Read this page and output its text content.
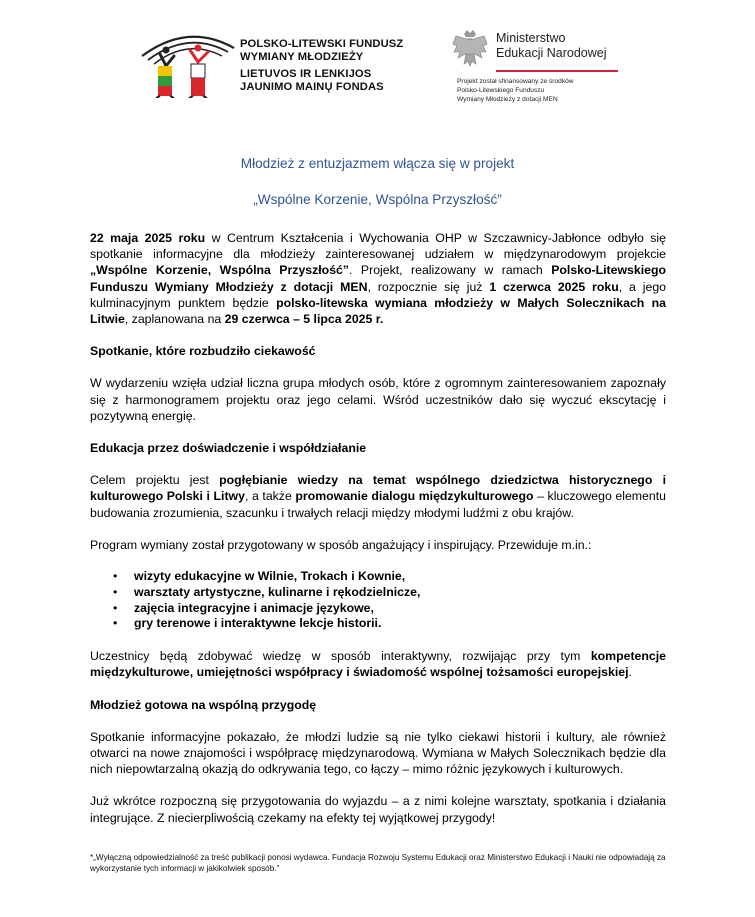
POLSKO-LITEWSKI FUNDUSZ
WYMIANY MŁODZIEŻY
LIETUVOS IR LENKIJOS
JAUNIMO MAINŲ FONDAS
Ministerstwo
Edukacji Narodowej
Projekt został sfinansowany ze środków
Polsko-Litewskiego Funduszu
Wymiany Młodzieży z dotacji MEN
Młodzież z entuzjazmem włącza się w projekt
„Wspólne Korzenie, Wspólna Przyszłość”

22 maja 2025 roku w Centrum Kształcenia i Wychowania OHP w Szczawnicy-Jabłonce odbyło się spotkanie informacyjne dla młodzieży zainteresowanej udziałem w międzynarodowym projekcie „Wspólne Korzenie, Wspólna Przyszłość”. Projekt, realizowany w ramach Polsko-Litewskiego Funduszu Wymiany Młodzieży z dotacji MEN, rozpocznie się już 1 czerwca 2025 roku, a jego kulminacyjnym punktem będzie polsko-litewska wymiana młodzieży w Małych Solecznikach na Litwie, zaplanowana na 29 czerwca – 5 lipca 2025 r.

Spotkanie, które rozbudziło ciekawość

W wydarzeniu wzięła udział liczna grupa młodych osób, które z ogromnym zainteresowaniem zapoznały się z harmonogramem projektu oraz jego celami. Wśród uczestników dało się wyczuć ekscytację i pozytywną energię.

Edukacja przez doświadczenie i współdziałanie

Celem projektu jest pogłębianie wiedzy na temat wspólnego dziedzictwa historycznego i kulturowego Polski i Litwy, a także promowanie dialogu międzykulturowego – kluczowego elementu budowania zrozumienia, szacunku i trwałych relacji między młodymi ludźmi z obu krajów.

Program wymiany został przygotowany w sposób angażujący i inspirujący. Przewiduje m.in.:

• wizyty edukacyjne w Wilnie, Trokach i Kownie,
• warsztaty artystyczne, kulinarne i rękodzielnicze,
• zajęcia integracyjne i animacje językowe,
• gry terenowe i interaktywne lekcje historii.

Uczestnicy będą zdobywać wiedzę w sposób interaktywny, rozwijając przy tym kompetencje międzykulturowe, umiejętności współpracy i świadomość wspólnej tożsamości europejskiej.

Młodzież gotowa na wspólną przygodę

Spotkanie informacyjne pokazało, że młodzi ludzie są nie tylko ciekawi historii i kultury, ale również otwarci na nowe znajomości i współpracę międzynarodową. Wymiana w Małych Solecznikach będzie dla nich niepowtarzalną okazją do odkrywania tego, co łączy – mimo różnic językowych i kulturowych.

Już wkrótce rozpoczną się przygotowania do wyjazdu – a z nimi kolejne warsztaty, spotkania i działania integrujące. Z niecierpliwością czekamy na efekty tej wyjątkowej przygody!

*„Wyłączną odpowiedzialność za treść publikacji ponosi wydawca. Fundacja Rozwoju Systemu Edukacji oraz Ministerstwo Edukacji i Nauki nie odpowiadają za wykorzystanie tych informacji w jakikolwiek sposób.”
